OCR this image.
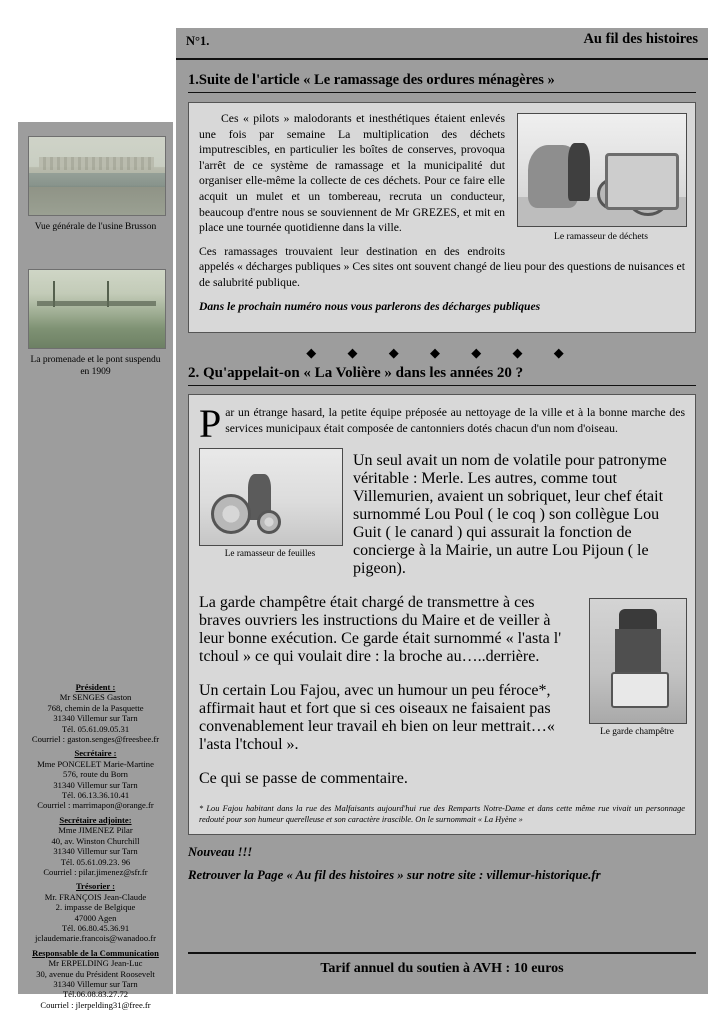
Vue générale de l'usine Brusson
La promenade et le pont suspendu en 1909
Président :
Mr SENGES Gaston
768, chemin de la Pasquette
31340 Villemur sur Tarn
Tél. 05.61.09.05.31
Courriel : gaston.senges@freesbee.fr
Secrétaire :
Mme PONCELET Marie-Martine
576, route du Born
31340 Villemur sur Tarn
Tél. 06.13.36.10.41
Courriel : marrimapon@orange.fr
Secrétaire adjointe:
Mme JIMENEZ Pilar
40, av. Winston Churchill
31340 Villemur sur Tarn
Tél. 05.61.09.23. 96
Courriel : pilar.jimenez@sfr.fr
Trésorier :
Mr. FRANÇOIS Jean-Claude
2. impasse de Belgique
47000 Agen
Tél. 06.80.45.36.91
jclaudemarie.francois@wanadoo.fr
Responsable de la Communication
Mr ERPELDING Jean-Luc
30, avenue du Président Roosevelt
31340 Villemur sur Tarn
Tél.06.08.83.27.72
Courriel : jlerpelding31@free.fr
N°1.	Au fil des histoires
1.Suite de l'article « Le ramassage des ordures ménagères »
Le ramasseur de déchets

Ces « pilots » malodorants et inesthétiques étaient enlevés une fois par semaine La multiplication des déchets imputrescibles, en particulier les boîtes de conserves, provoqua l'arrêt de ce système de ramassage et la municipalité dut organiser elle-même la collecte de ces déchets. Pour ce faire elle acquit un mulet et un tombereau, recruta un conducteur, beaucoup d'entre nous se souviennent de Mr GREZES, et mit en place une tournée quotidienne dans la ville.

Ces ramassages trouvaient leur destination en des endroits appelés « décharges publiques » Ces sites ont souvent changé de lieu pour des questions de nuisances et de salubrité publique.

Dans le prochain numéro nous vous parlerons des décharges publiques

◆ ◆ ◆ ◆ ◆ ◆ ◆
2. Qu'appelait-on « La Volière » dans les années 20 ?

Par un étrange hasard, la petite équipe préposée au nettoyage de la ville et à la bonne marche des services municipaux était composée de cantonniers dotés chacun d'un nom d'oiseau.

Le ramasseur de feuilles

Un seul avait un nom de volatile pour patronyme véritable : Merle. Les autres, comme tout Villemurien, avaient un sobriquet, leur chef était surnommé Lou Poul ( le coq ) son collègue Lou Guit ( le canard ) qui assurait la fonction de concierge à la Mairie, un autre Lou Pijoun ( le pigeon).

Le garde champêtre

La garde champêtre était chargé de transmettre à ces braves ouvriers les instructions du Maire et de veiller à leur bonne exécution. Ce garde était surnommé « l'asta l' tchoul » ce qui voulait dire : la broche au…..derrière.

Un certain Lou Fajou, avec un humour un peu féroce*, affirmait haut et fort que si ces oiseaux ne faisaient pas convenablement leur travail eh bien on leur mettrait…« l'asta l'tchoul ».

Ce qui se passe de commentaire.

* Lou Fajou habitant dans la rue des Malfaisants aujourd'hui rue des Remparts Notre-Dame et dans cette même rue vivait un personnage redouté pour son humeur querelleuse et son caractère irascible. On le surnommait « La Hyène »
Nouveau !!!
Retrouver la Page « Au fil des histoires » sur notre site : villemur-historique.fr
Tarif annuel du soutien à AVH : 10 euros
